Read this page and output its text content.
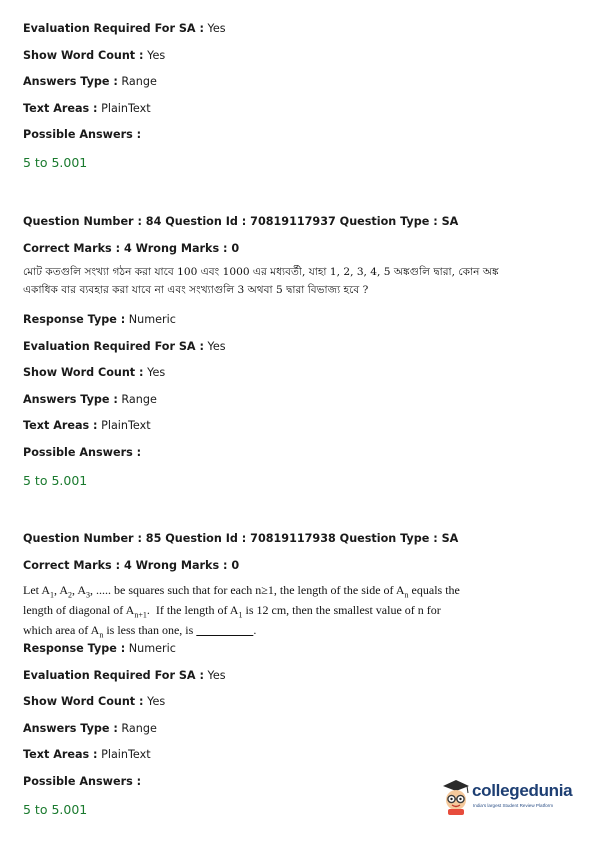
Evaluation Required For SA : Yes
Show Word Count : Yes
Answers Type : Range
Text Areas : PlainText
Possible Answers :
5 to 5.001
Question Number : 84 Question Id : 70819117937 Question Type : SA
Correct Marks : 4 Wrong Marks : 0
মোট কতগুলি সংখ্যা গঠন করা যাবে 100 এবং 1000 এর মধ্যবর্তী, যাহা 1, 2, 3, 4, 5 অঙ্কগুলি দ্বারা, কোন অঙ্ক
একাধিক বার ব্যবহার করা যাবে না এবং সংখ্যাগুলি 3 অথবা 5 দ্বারা বিভাজ্য হবে ?
Response Type : Numeric
Evaluation Required For SA : Yes
Show Word Count : Yes
Answers Type : Range
Text Areas : PlainText
Possible Answers :
5 to 5.001
Question Number : 85 Question Id : 70819117938 Question Type : SA
Correct Marks : 4 Wrong Marks : 0
Let $A_1$, $A_2$, $A_3$, ..... be squares such that for each n≥1, the length of the side of $A_n$ equals the
length of diagonal of $A_{n+1}$.  If the length of $A_1$ is 12 cm, then the smallest value of n for
which area of $A_n$ is less than one, is	.
Response Type : Numeric
Evaluation Required For SA : Yes
Show Word Count : Yes
Answers Type : Range
Text Areas : PlainText
Possible Answers :
5 to 5.001
collegedunia
India's largest Student Review Platform
